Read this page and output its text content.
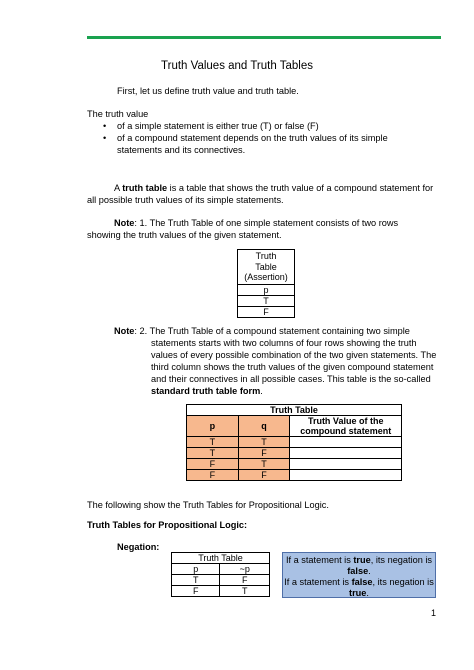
Truth Values and Truth Tables
First, let us define truth value and truth table.
The truth value
• of a simple statement is either true (T) or false (F)
• of a compound statement depends on the truth values of its simple
statements and its connectives.
A truth table is a table that shows the truth value of a compound statement for
all possible truth values of its simple statements.
Note: 1. The Truth Table of one simple statement consists of two rows
showing the truth values of the given statement.
Truth
Table
(Assertion)
p
T
F
Note: 2. The Truth Table of a compound statement containing two simple
statements starts with two columns of four rows showing the truth
values of every possible combination of the two given statements. The
third column shows the truth values of the given compound statement
and their connectives in all possible cases. This table is the so-called
standard truth table form.
Truth Table		
p	q	Truth Value of the
compound statement
T	T	
T	F	
F	T	
F	F	
The following show the Truth Tables for Propositional Logic.
Truth Tables for Propositional Logic:
Negation:
Truth Table	
p	~p
T	F
F	T
If a statement is true, its negation is
false.
If a statement is false, its negation is
true.
1
